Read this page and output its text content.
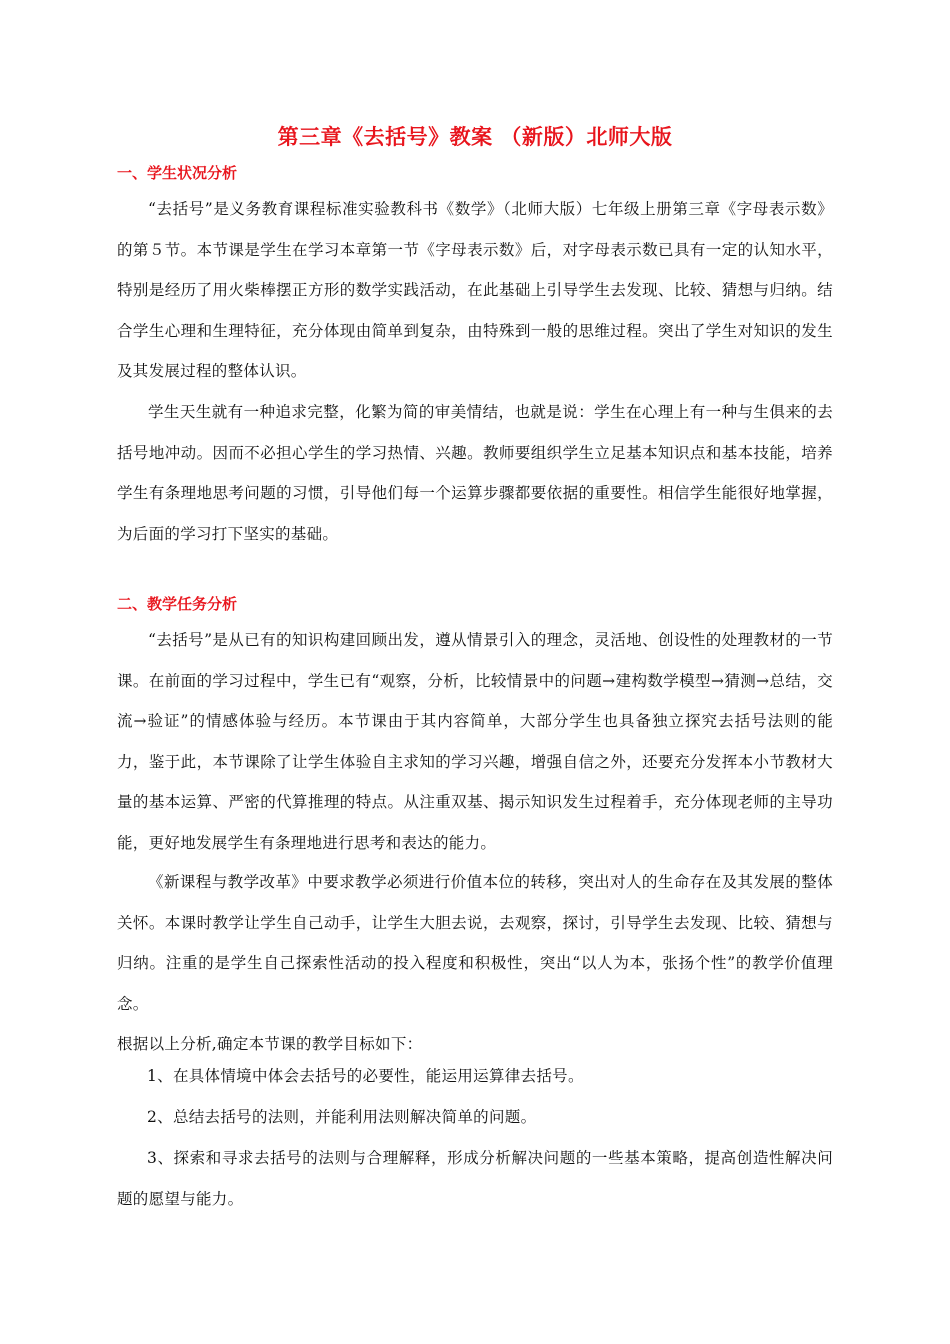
第三章《去括号》教案 （新版）北师大版
一、学生状况分析
“去括号”是义务教育课程标准实验教科书《数学》（北师大版）七年级上册第三章《字母表示数》的第５节。本节课是学生在学习本章第一节《字母表示数》后，对字母表示数已具有一定的认知水平，特别是经历了用火柴棒摆正方形的数学实践活动，在此基础上引导学生去发现、比较、猜想与归纳。结合学生心理和生理特征，充分体现由简单到复杂，由特殊到一般的思维过程。突出了学生对知识的发生及其发展过程的整体认识。
学生天生就有一种追求完整，化繁为简的审美情结，也就是说：学生在心理上有一种与生俱来的去括号地冲动。因而不必担心学生的学习热情、兴趣。教师要组织学生立足基本知识点和基本技能，培养学生有条理地思考问题的习惯，引导他们每一个运算步骤都要依据的重要性。相信学生能很好地掌握，为后面的学习打下坚实的基础。
二、教学任务分析
“去括号”是从已有的知识构建回顾出发，遵从情景引入的理念，灵活地、创设性的处理教材的一节课。在前面的学习过程中，学生已有“观察，分析，比较情景中的问题→建构数学模型→猜测→总结，交流→验证”的情感体验与经历。本节课由于其内容简单，大部分学生也具备独立探究去括号法则的能力，鉴于此，本节课除了让学生体验自主求知的学习兴趣，增强自信之外，还要充分发挥本小节教材大量的基本运算、严密的代算推理的特点。从注重双基、揭示知识发生过程着手，充分体现老师的主导功能，更好地发展学生有条理地进行思考和表达的能力。
《新课程与教学改革》中要求教学必须进行价值本位的转移，突出对人的生命存在及其发展的整体关怀。本课时教学让学生自己动手，让学生大胆去说，去观察，探讨，引导学生去发现、比较、猜想与归纳。注重的是学生自己探索性活动的投入程度和积极性，突出“以人为本，张扬个性”的教学价值理念。
根据以上分析,确定本节课的教学目标如下：
1、在具体情境中体会去括号的必要性，能运用运算律去括号。
2、总结去括号的法则，并能利用法则解决简单的问题。
3、探索和寻求去括号的法则与合理解释，形成分析解决问题的一些基本策略，提高创造性解决问题的愿望与能力。
